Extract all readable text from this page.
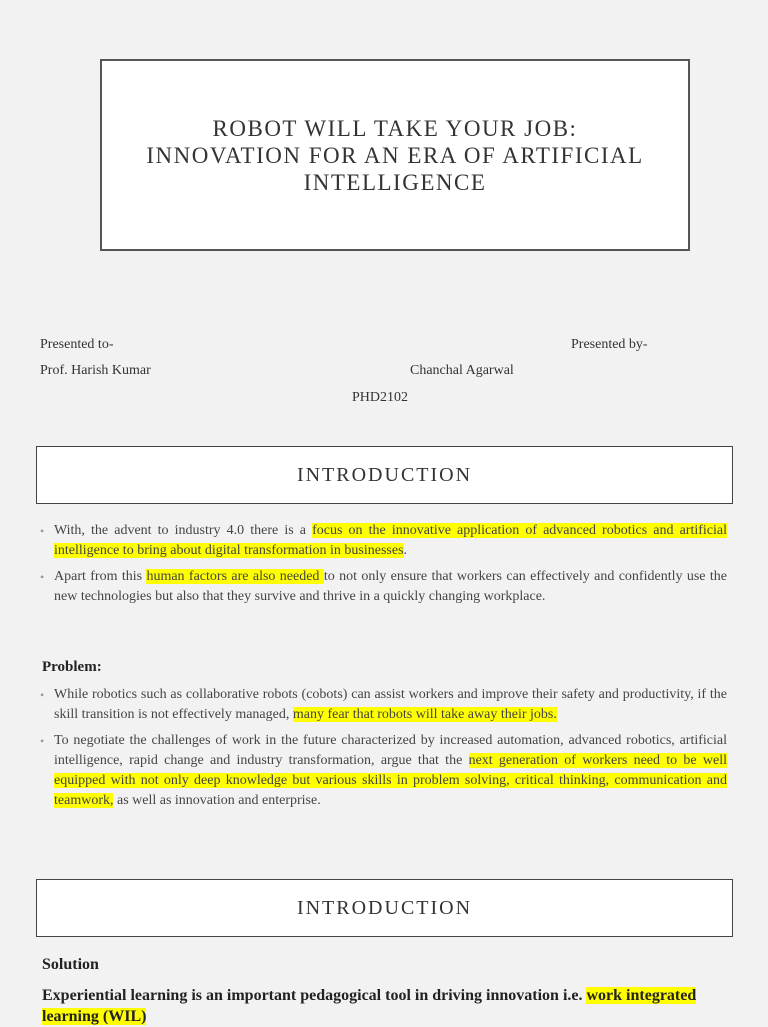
ROBOT WILL TAKE YOUR JOB:
INNOVATION FOR AN ERA OF ARTIFICIAL
INTELLIGENCE
Presented to-
Prof. Harish Kumar
Presented by-
Chanchal Agarwal
PHD2102
INTRODUCTION
• With, the advent to industry 4.0 there is a focus on the innovative application of advanced robotics and artificial intelligence to bring about digital transformation in businesses.
• Apart from this human factors are also needed to not only ensure that workers can effectively and confidently use the new technologies but also that they survive and thrive in a quickly changing workplace.
Problem:
• While robotics such as collaborative robots (cobots) can assist workers and improve their safety and productivity, if the skill transition is not effectively managed, many fear that robots will take away their jobs.
• To negotiate the challenges of work in the future characterized by increased automation, advanced robotics, artificial intelligence, rapid change and industry transformation, argue that the next generation of workers need to be well equipped with not only deep knowledge but various skills in problem solving, critical thinking, communication and teamwork, as well as innovation and enterprise.
INTRODUCTION
Solution
Experiential learning is an important pedagogical tool in driving innovation i.e. work integrated learning (WIL)
